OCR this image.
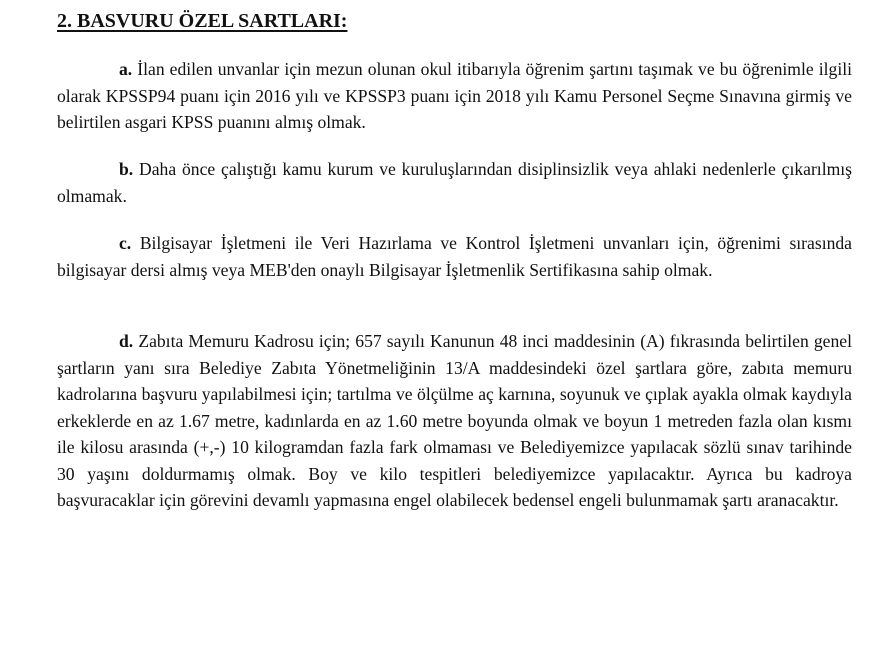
2. BASVURU ÖZEL SARTLARI:

a. İlan edilen unvanlar için mezun olunan okul itibarıyla öğrenim şartını taşımak ve bu öğrenimle ilgili olarak KPSSP94 puanı için 2016 yılı ve KPSSP3 puanı için 2018 yılı Kamu Personel Seçme Sınavına girmiş ve belirtilen asgari KPSS puanını almış olmak.

b. Daha önce çalıştığı kamu kurum ve kuruluşlarından disiplinsizlik veya ahlaki nedenlerle çıkarılmış olmamak.

c. Bilgisayar İşletmeni ile Veri Hazırlama ve Kontrol İşletmeni unvanları için, öğrenimi sırasında bilgisayar dersi almış veya MEB'den onaylı Bilgisayar İşletmenlik Sertifikasına sahip olmak.

d. Zabıta Memuru Kadrosu için; 657 sayılı Kanunun 48 inci maddesinin (A) fıkrasında belirtilen genel şartların yanı sıra Belediye Zabıta Yönetmeliğinin 13/A maddesindeki özel şartlara göre, zabıta memuru kadrolarına başvuru yapılabilmesi için; tartılma ve ölçülme aç karnına, soyunuk ve çıplak ayakla olmak kaydıyla erkeklerde en az 1.67 metre, kadınlarda en az 1.60 metre boyunda olmak ve boyun 1 metreden fazla olan kısmı ile kilosu arasında (+,-) 10 kilogramdan fazla fark olmaması ve Belediyemizce yapılacak sözlü sınav tarihinde 30 yaşını doldurmamış olmak. Boy ve kilo tespitleri belediyemizce yapılacaktır. Ayrıca bu kadroya başvuracaklar için görevini devamlı yapmasına engel olabilecek bedensel engeli bulunmamak şartı aranacaktır.
